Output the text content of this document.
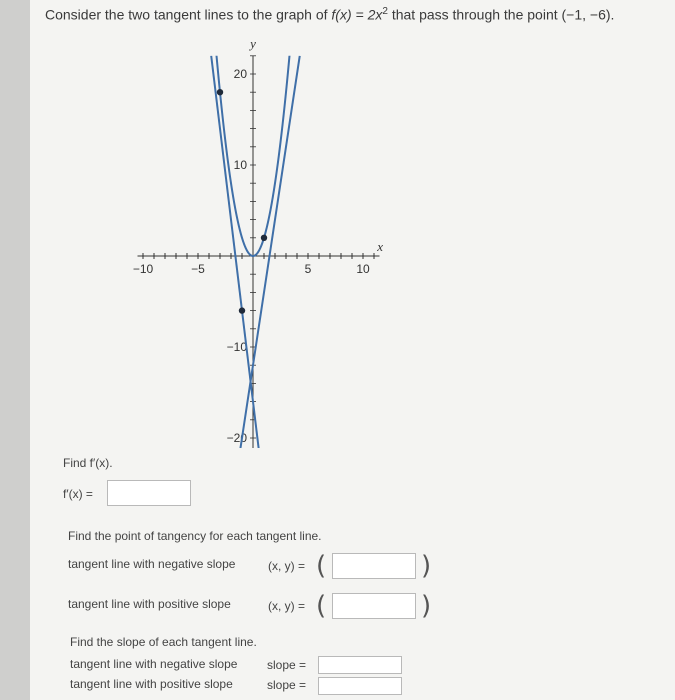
Consider the two tangent lines to the graph of $f(x) = 2x^2$ that pass through the point (−1, −6).
−10	−5	5	10
20
10
−10
−20
x
y
Find f′(x).
f′(x) =
Find the point of tangency for each tangent line.
tangent line with negative slope	(x, y) = (	)
tangent line with positive slope	(x, y) = (	)
Find the slope of each tangent line.
tangent line with negative slope slope =
tangent line with positive slope	slope =
